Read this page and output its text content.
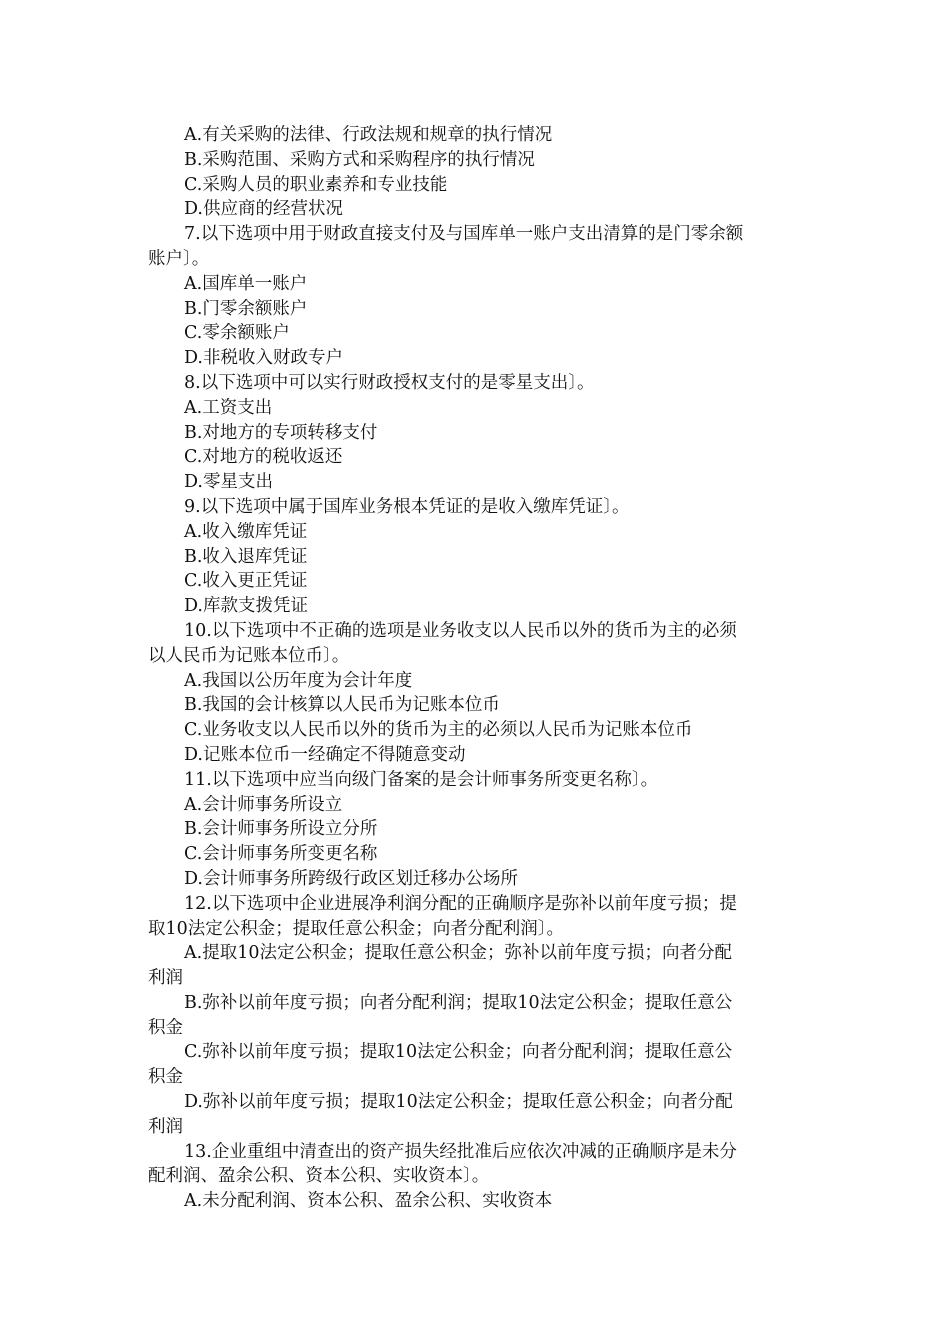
A.有关采购的法律、行政法规和规章的执行情况
B.采购范围、采购方式和采购程序的执行情况
C.采购人员的职业素养和专业技能
D.供应商的经营状况
7.以下选项中用于财政直接支付及与国库单一账户支出清算的是门零余额
账户〕。
A.国库单一账户
B.门零余额账户
C.零余额账户
D.非税收入财政专户
8.以下选项中可以实行财政授权支付的是零星支出〕。
A.工资支出
B.对地方的专项转移支付
C.对地方的税收返还
D.零星支出
9.以下选项中属于国库业务根本凭证的是收入缴库凭证〕。
A.收入缴库凭证
B.收入退库凭证
C.收入更正凭证
D.库款支拨凭证
10.以下选项中不正确的选项是业务收支以人民币以外的货币为主的必须
以人民币为记账本位币〕。
A.我国以公历年度为会计年度
B.我国的会计核算以人民币为记账本位币
C.业务收支以人民币以外的货币为主的必须以人民币为记账本位币
D.记账本位币一经确定不得随意变动
11.以下选项中应当向级门备案的是会计师事务所变更名称〕。
A.会计师事务所设立
B.会计师事务所设立分所
C.会计师事务所变更名称
D.会计师事务所跨级行政区划迁移办公场所
12.以下选项中企业进展净利润分配的正确顺序是弥补以前年度亏损；提
取10法定公积金；提取任意公积金；向者分配利润〕。
A.提取10法定公积金；提取任意公积金；弥补以前年度亏损；向者分配
利润
B.弥补以前年度亏损；向者分配利润；提取10法定公积金；提取任意公
积金
C.弥补以前年度亏损；提取10法定公积金；向者分配利润；提取任意公
积金
D.弥补以前年度亏损；提取10法定公积金；提取任意公积金；向者分配
利润
13.企业重组中清查出的资产损失经批准后应依次冲减的正确顺序是未分
配利润、盈余公积、资本公积、实收资本〕。
A.未分配利润、资本公积、盈余公积、实收资本
